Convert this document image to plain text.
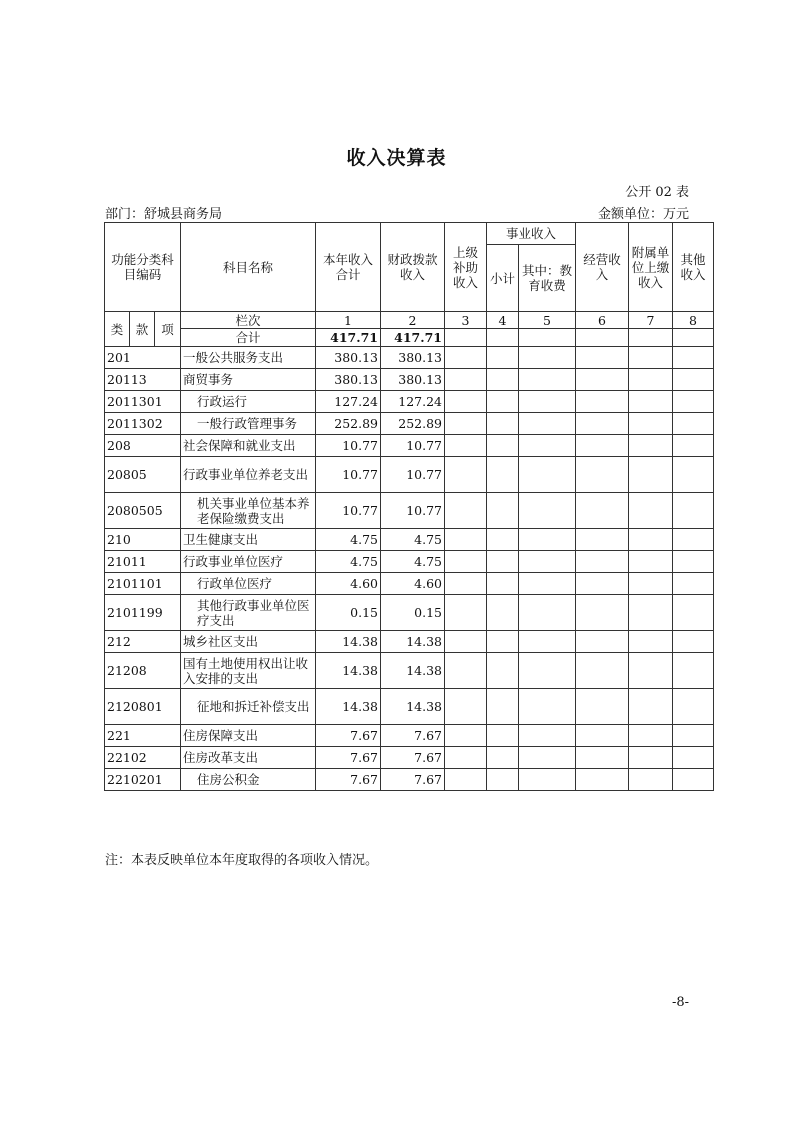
收入决算表
公开 02 表
部门：舒城县商务局	金额单位：万元
功能分类科目编码			科目名称	本年收入合计	财政拨款收入	上级补助收入	事业收入		经营收入	附属单位上缴收入	其他收入
							小计	其中：教育收费			

类	款	项	栏次	1	2	3	4	5	6	7	8
			合计	417.71	417.71						
201			一般公共服务支出	380.13	380.13						
20113			商贸事务	380.13	380.13						
2011301			行政运行	127.24	127.24						
2011302			一般行政管理事务	252.89	252.89						
208			社会保障和就业支出	10.77	10.77						
20805			行政事业单位养老支出	10.77	10.77						
2080505			机关事业单位基本养老保险缴费支出	10.77	10.77						
210			卫生健康支出	4.75	4.75						
21011			行政事业单位医疗	4.75	4.75						
2101101			行政单位医疗	4.60	4.60						
2101199			其他行政事业单位医疗支出	0.15	0.15						
212			城乡社区支出	14.38	14.38						
21208			国有土地使用权出让收入安排的支出	14.38	14.38						
2120801			征地和拆迁补偿支出	14.38	14.38						
221			住房保障支出	7.67	7.67						
22102			住房改革支出	7.67	7.67						
2210201			住房公积金	7.67	7.67						
注：本表反映单位本年度取得的各项收入情况。
-8-
